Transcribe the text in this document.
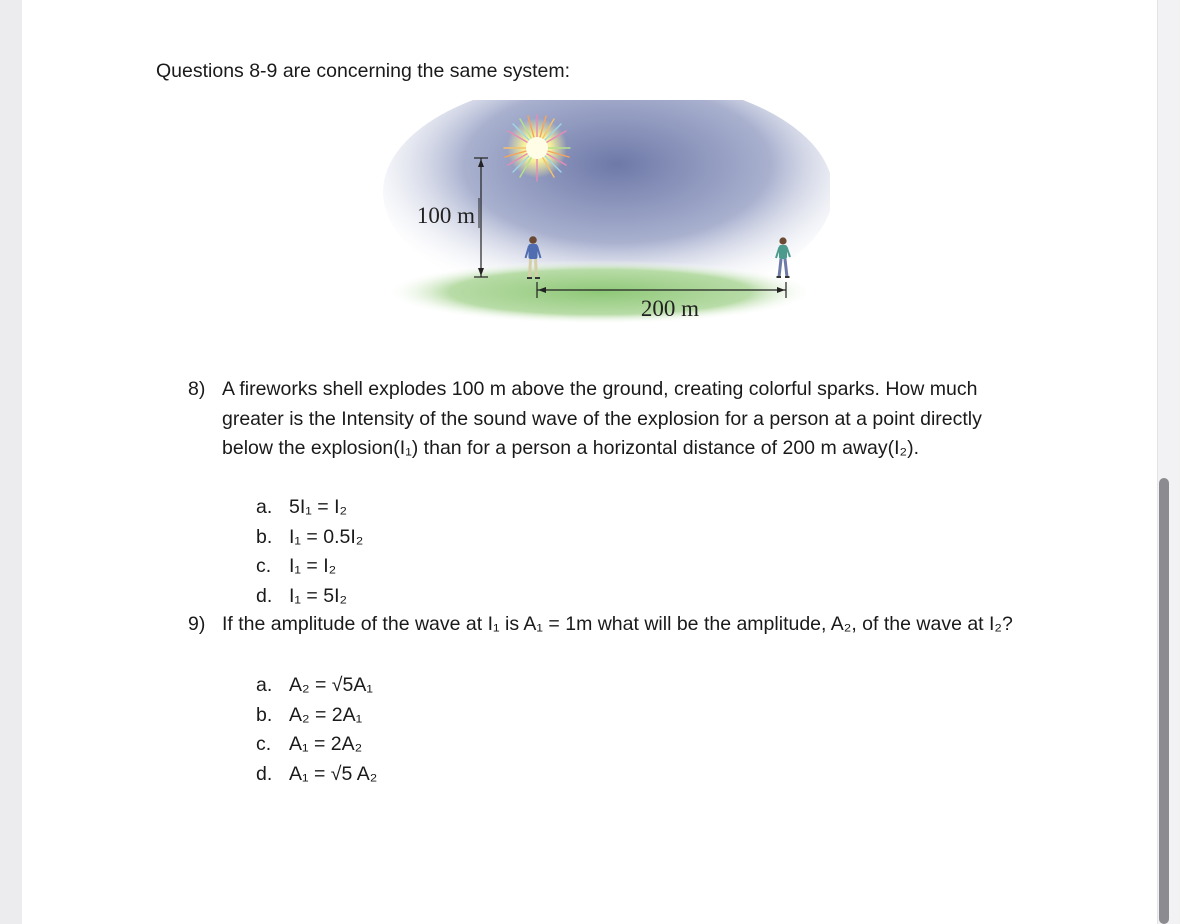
Questions 8-9 are concerning the same system:

100 m
200 m
8) A fireworks shell explodes 100 m above the ground, creating colorful sparks. How much greater is the Intensity of the sound wave of the explosion for a person at a point directly below the explosion(I₁) than for a person a horizontal distance of 200 m away(I₂).
a. 5I₁ = I₂
b. I₁ = 0.5I₂
c. I₁ = I₂
d. I₁ = 5I₂
9) If the amplitude of the wave at I₁ is A₁ = 1m what will be the amplitude, A₂, of the wave at I₂?
a. A₂ = √5A₁
b. A₂ = 2A₁
c. A₁ = 2A₂
d. A₁ = √5 A₂
